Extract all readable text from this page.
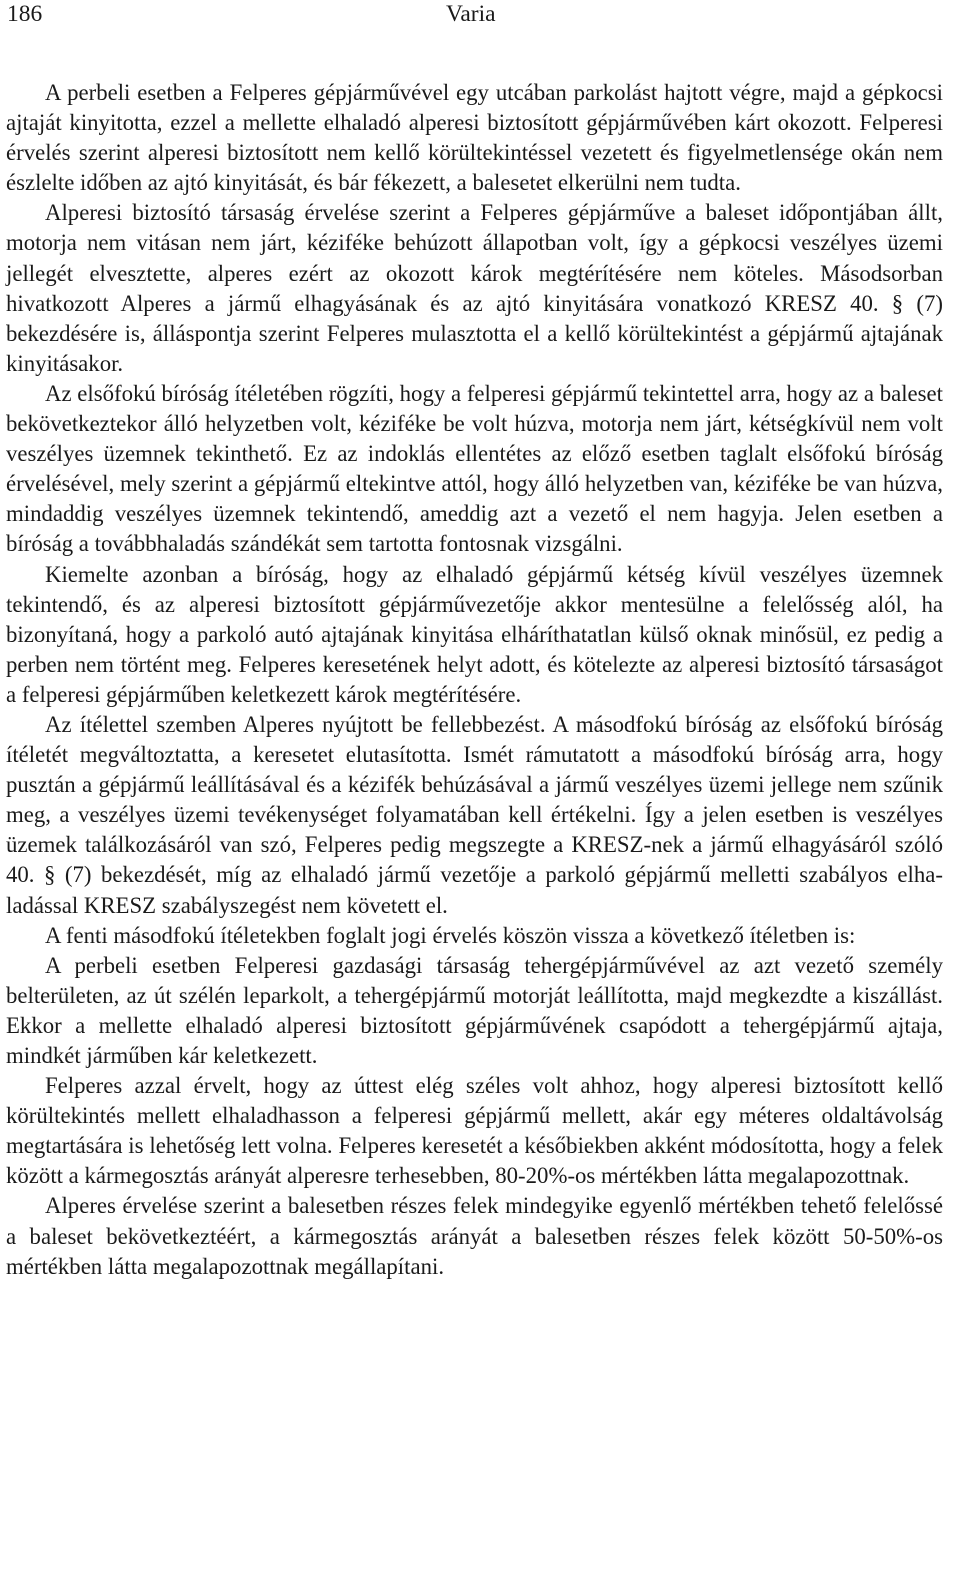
186	Varia

A perbeli esetben a Felperes gépjárművével egy utcában parkolást hajtott végre, majd a gépkocsi ajtaját kinyitotta, ezzel a mellette elhaladó alperesi biztosított gépjárművében kárt okozott. Felperesi érvelés szerint alperesi biztosított nem kellő körültekintéssel vezetett és figyelmetlensége okán nem észlelte időben az ajtó kinyitását, és bár fékezett, a balesetet elkerülni nem tudta.

Alperesi biztosító társaság érvelése szerint a Felperes gépjárműve a baleset időpontjában állt, motorja nem vitásan nem járt, kézifékе behúzott állapotban volt, így a gépkocsi veszélyes üzemi jellegét elvesztette, alperes ezért az okozott károk megtérítésére nem köteles. Másodsorban hivatkozott Alperes a jármű elhagyásának és az ajtó kinyitására vonatkozó KRESZ 40. § (7) bekezdésére is, álláspontja szerint Felperes mulasztotta el a kellő körültekintést a gépjármű ajtajának kinyitásakor.

Az elsőfokú bíróság ítéletében rögzíti, hogy a felperesi gépjármű tekintettel arra, hogy az a baleset bekövetkeztekor álló helyzetben volt, kézifékе be volt húzva, motorja nem járt, kétségkívül nem volt veszélyes üzemnek tekinthető. Ez az indoklás ellentétes az előző esetben taglalt elsőfokú bíróság érvelésével, mely szerint a gépjármű eltekintve attól, hogy álló helyzetben van, kézifékе be van húzva, mindaddig veszélyes üzemnek tekintendő, ameddig azt a vezető el nem hagyja. Jelen esetben a bíróság a továbbhaladás szándékát sem tartotta fontosnak vizsgálni.

Kiemelte azonban a bíróság, hogy az elhaladó gépjármű kétség kívül veszélyes üzemnek tekintendő, és az alperesi biztosított gépjárművezetője akkor mentesülne a felelősség alól, ha bizonyítaná, hogy a parkoló autó ajtajának kinyitása elháríthatatlan külső oknak minősül, ez pedig a perben nem történt meg. Felperes keresetének helyt adott, és kötelezte az alperesi biztosító társaságot a felperesi gépjárműben keletkezett károk megtérítésére.

Az ítélettel szemben Alperes nyújtott be fellebbezést. A másodfokú bíróság az elsőfokú bíróság ítéletét megváltoztatta, a keresetet elutasította. Ismét rámutatott a másodfokú bíróság arra, hogy pusztán a gépjármű leállításával és a kézifék behúzásával a jármű veszélyes üzemi jellege nem szűnik meg, a veszélyes üzemi tevékenységet folyamatában kell értékelni. Így a jelen esetben is veszélyes üzemek találkozásáról van szó, Felperes pedig megszegte a KRESZ-nek a jármű elhagyásáról szóló 40. § (7) bekezdését, míg az elhaladó jármű vezetője a parkoló gépjármű melletti szabályos elhaladással KRESZ szabályszegést nem követett el.

A fenti másodfokú ítéletekben foglalt jogi érvelés köszön vissza a következő ítéletben is:

A perbeli esetben Felperesi gazdasági társaság tehergépjárművével az azt vezető személy belterületen, az út szélén leparkolt, a tehergépjármű motorját leállította, majd megkezdte a kiszállást. Ekkor a mellette elhaladó alperesi biztosított gépjárművének csapódott a tehergépjármű ajtaja, mindkét járműben kár keletkezett.

Felperes azzal érvelt, hogy az úttest elég széles volt ahhoz, hogy alperesi biztosított kellő körültekintés mellett elhaladhasson a felperesi gépjármű mellett, akár egy méteres oldaltávolság megtartására is lehetőség lett volna. Felperes keresetét a későbiekben akként módosította, hogy a felek között a kármegosztás arányát alperesre terhesebben, 80-20%-os mértékben látta megalapozottnak.

Alperes érvelése szerint a balesetben részes felek mindegyike egyenlő mértékben tehető felelőssé a baleset bekövetkeztéért, a kármegosztás arányát a balesetben részes felek között 50-50%-os mértékben látta megalapozottnak megállapítani.
